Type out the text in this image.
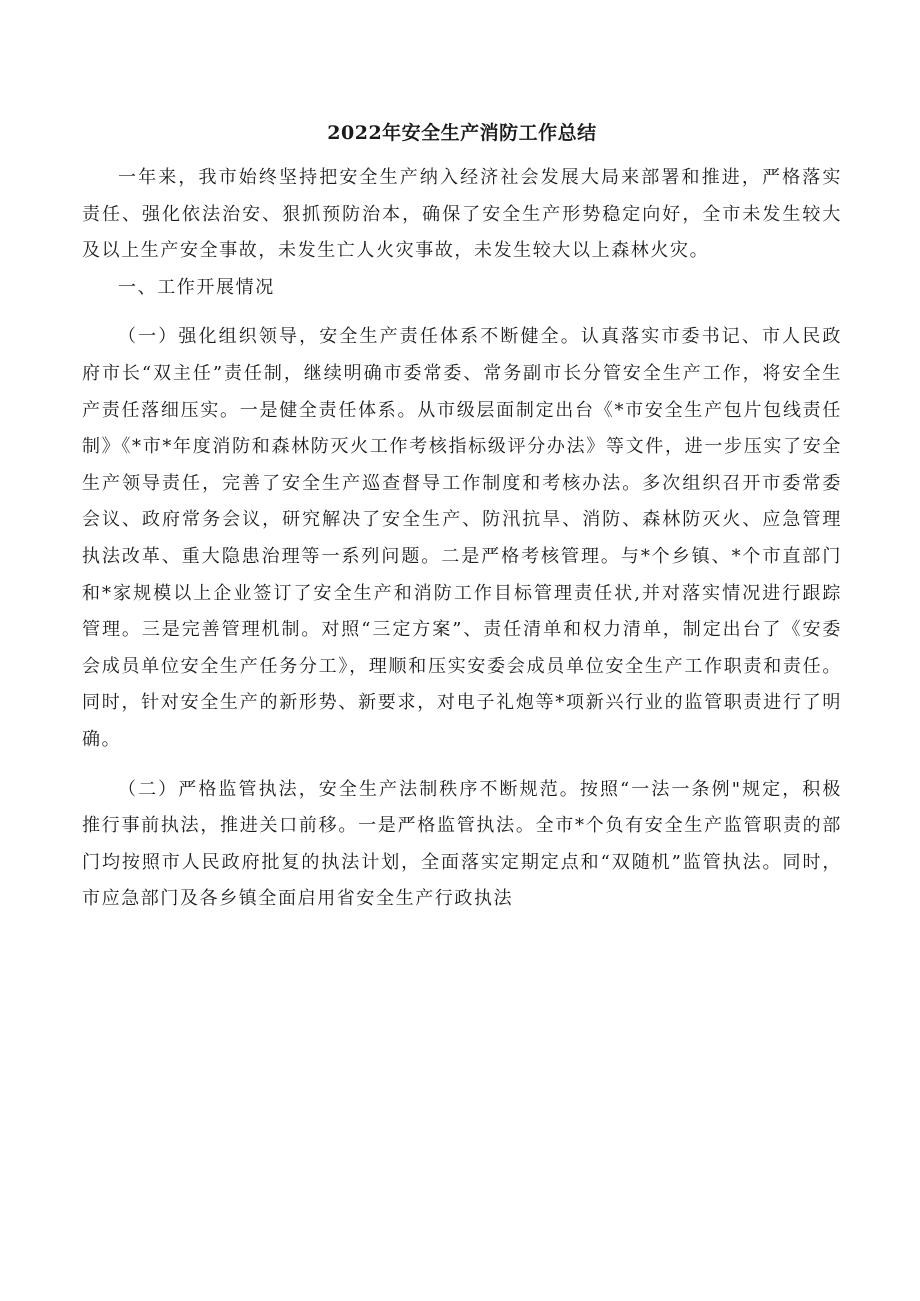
2022年安全生产消防工作总结

一年来，我市始终坚持把安全生产纳入经济社会发展大局来部署和推进，严格落实责任、强化依法治安、狠抓预防治本，确保了安全生产形势稳定向好，全市未发生较大及以上生产安全事故，未发生亡人火灾事故，未发生较大以上森林火灾。

一、工作开展情况

（一）强化组织领导，安全生产责任体系不断健全。认真落实市委书记、市人民政府市长“双主任”责任制，继续明确市委常委、常务副市长分管安全生产工作，将安全生产责任落细压实。一是健全责任体系。从市级层面制定出台《*市安全生产包片包线责任制》《*市*年度消防和森林防灭火工作考核指标级评分办法》等文件，进一步压实了安全生产领导责任，完善了安全生产巡查督导工作制度和考核办法。多次组织召开市委常委会议、政府常务会议，研究解决了安全生产、防汛抗旱、消防、森林防灭火、应急管理执法改革、重大隐患治理等一系列问题。二是严格考核管理。与*个乡镇、*个市直部门和*家规模以上企业签订了安全生产和消防工作目标管理责任状,并对落实情况进行跟踪管理。三是完善管理机制。对照“三定方案”、责任清单和权力清单，制定出台了《安委会成员单位安全生产任务分工》，理顺和压实安委会成员单位安全生产工作职责和责任。同时，针对安全生产的新形势、新要求，对电子礼炮等*项新兴行业的监管职责进行了明确。

（二）严格监管执法，安全生产法制秩序不断规范。按照“一法一条例"规定，积极推行事前执法，推进关口前移。一是严格监管执法。全市*个负有安全生产监管职责的部门均按照市人民政府批复的执法计划，全面落实定期定点和“双随机”监管执法。同时，市应急部门及各乡镇全面启用省安全生产行政执法
